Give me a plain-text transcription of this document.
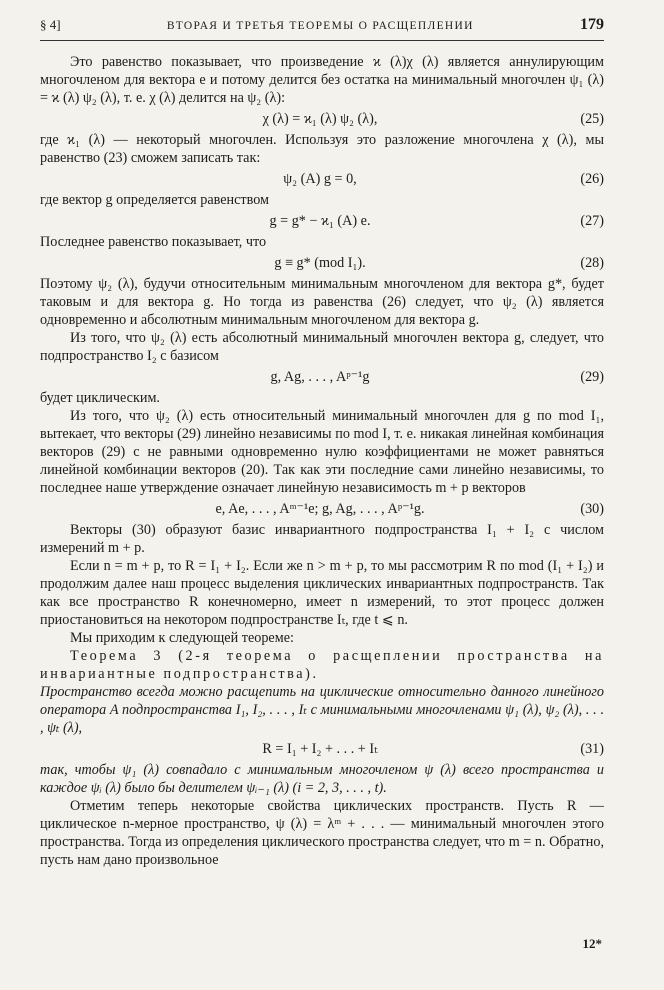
§ 4]	ВТОРАЯ И ТРЕТЬЯ ТЕОРЕМЫ О РАСЩЕПЛЕНИИ	179

Это равенство показывает, что произведение ϰ (λ)χ (λ) является аннулирующим многочленом для вектора e и потому делится без остатка на минимальный многочлен ψ₁ (λ) = ϰ (λ) ψ₂ (λ), т. е. χ (λ) делится на ψ₂ (λ):

χ (λ) = ϰ₁ (λ) ψ₂ (λ),	(25)

где ϰ₁ (λ) — некоторый многочлен. Используя это разложение многочлена χ (λ), мы равенство (23) сможем записать так:

ψ₂ (A) g = 0,	(26)

где вектор g определяется равенством

g = g* − ϰ₁ (A) e.	(27)

Последнее равенство показывает, что

g ≡ g* (mod I₁).	(28)

Поэтому ψ₂ (λ), будучи относительным минимальным многочленом для вектора g*, будет таковым и для вектора g. Но тогда из равенства (26) следует, что ψ₂ (λ) является одновременно и абсолютным минимальным многочленом для вектора g.

Из того, что ψ₂ (λ) есть абсолютный минимальный многочлен вектора g, следует, что подпространство I₂ с базисом

g, Ag, . . . , Aᵖ⁻¹g	(29)

будет циклическим.

Из того, что ψ₂ (λ) есть относительный минимальный многочлен для g по mod I₁, вытекает, что векторы (29) линейно независимы по mod I, т. е. никакая линейная комбинация векторов (29) с не равными одновременно нулю коэффициентами не может равняться линейной комбинации векторов (20). Так как эти последние сами линейно независимы, то последнее наше утверждение означает линейную независимость m + p векторов

e, Ae, . . . , Aᵐ⁻¹e; g, Ag, . . . , Aᵖ⁻¹g.	(30)

Векторы (30) образуют базис инвариантного подпространства I₁ + I₂ с числом измерений m + p.

Если n = m + p, то R = I₁ + I₂. Если же n > m + p, то мы рассмотрим R по mod (I₁ + I₂) и продолжим далее наш процесс выделения циклических инвариантных подпространств. Так как все пространство R конечномерно, имеет n измерений, то этот процесс должен приостановиться на некотором подпространстве Iₜ, где t ⩽ n.

Мы приходим к следующей теореме:

Теорема 3 (2-я теорема о расщеплении пространства на инвариантные подпространства).

Пространство всегда можно расщепить на циклические относительно данного линейного оператора A подпространства I₁, I₂, . . . , Iₜ с минимальными многочленами ψ₁ (λ), ψ₂ (λ), . . . , ψₜ (λ),

R = I₁ + I₂ + . . . + Iₜ	(31)

так, чтобы ψ₁ (λ) совпадало с минимальным многочленом ψ (λ) всего пространства и каждое ψᵢ (λ) было бы делителем ψᵢ₋₁ (λ) (i = 2, 3, . . . , t).

Отметим теперь некоторые свойства циклических пространств. Пусть R — циклическое n-мерное пространство, ψ (λ) = λᵐ + . . . — минимальный многочлен этого пространства. Тогда из определения циклического пространства следует, что m = n. Обратно, пусть нам дано произвольное

12*
